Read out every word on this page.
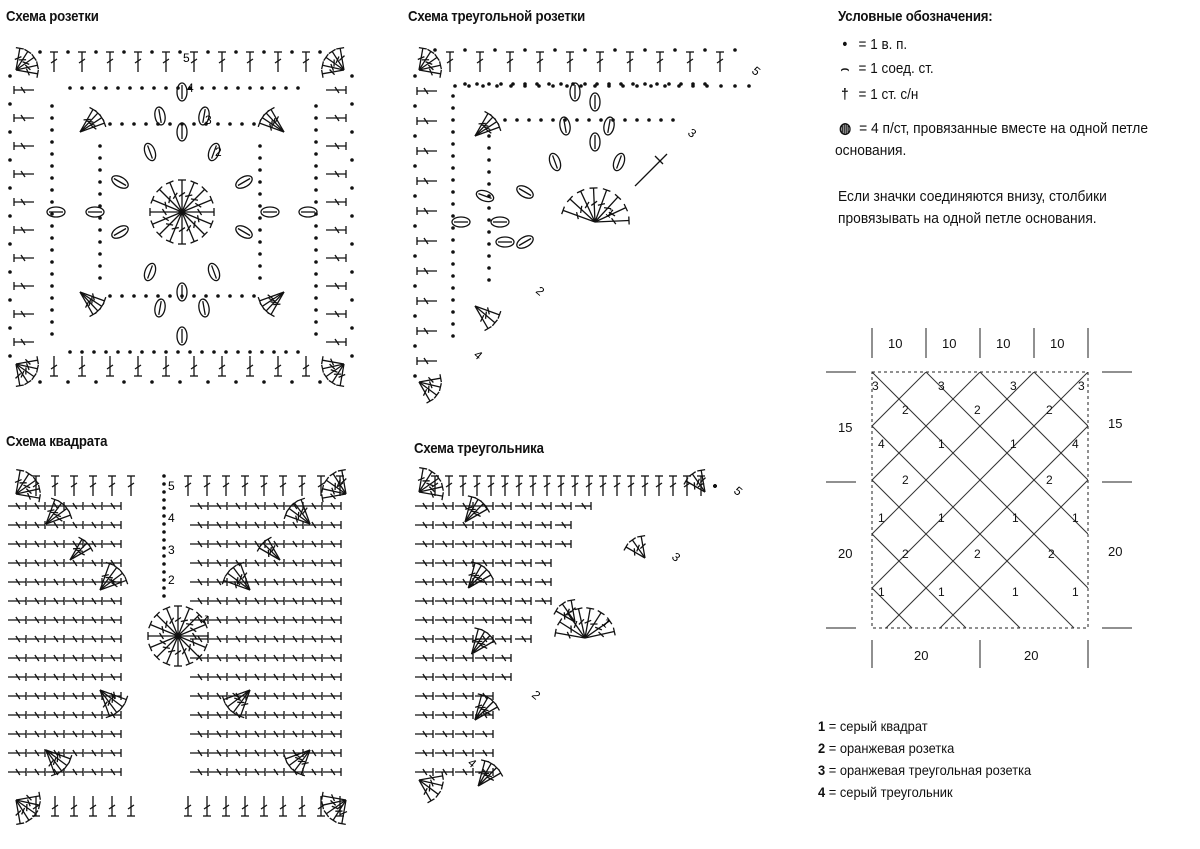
Схема розетки	Схема треугольной розетки
Схема квадрата	Схема треугольника
5
4
3
2
5
3
2
1
4
5
4
3
2
1
5
3
1
2
4
Условные обозначения:
• = 1 в. п.
⌢ = 1 соед. ст.
† = 1 ст. с/н
◍ = 4 п/ст, провязанные вместе на одной петле основания.
Если значки соединяются внизу, столбики провязывать на одной петле основания.
10	10	10	10
15
20
15
20
20	20
3	3	3	3
2	2	2
4	1	1	4
2	2
1	1	1	1
2	2	2
1	1	1	1
1 = серый квадрат
2 = оранжевая розетка
3 = оранжевая треугольная розетка
4 = серый треугольник
